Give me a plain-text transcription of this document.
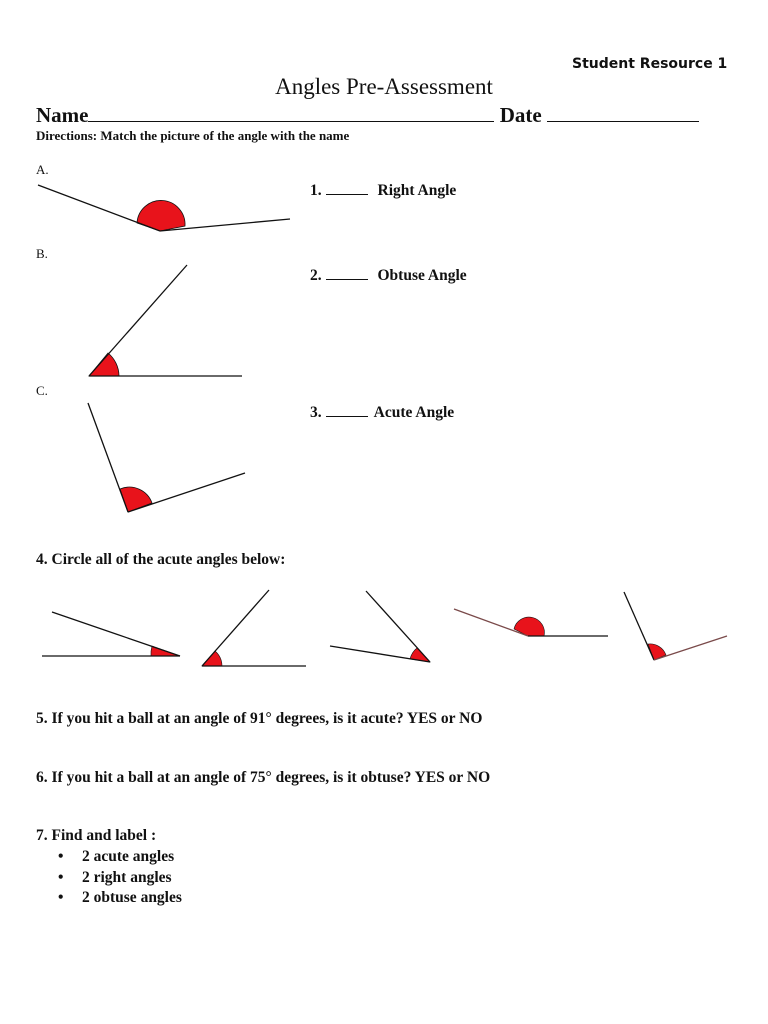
Student Resource 1
Angles Pre-Assessment
Name	Date
Directions: Match the picture of the angle with the name
A.
B.
C.
1.	Right Angle
2.	Obtuse Angle
3.	Acute Angle
4. Circle all of the acute angles below:
5. If you hit a ball at an angle of 91° degrees, is it acute? YES or NO
6. If you hit a ball at an angle of 75° degrees, is it obtuse? YES or NO
7. Find and label :
• 2 acute angles
• 2 right angles
• 2 obtuse angles
